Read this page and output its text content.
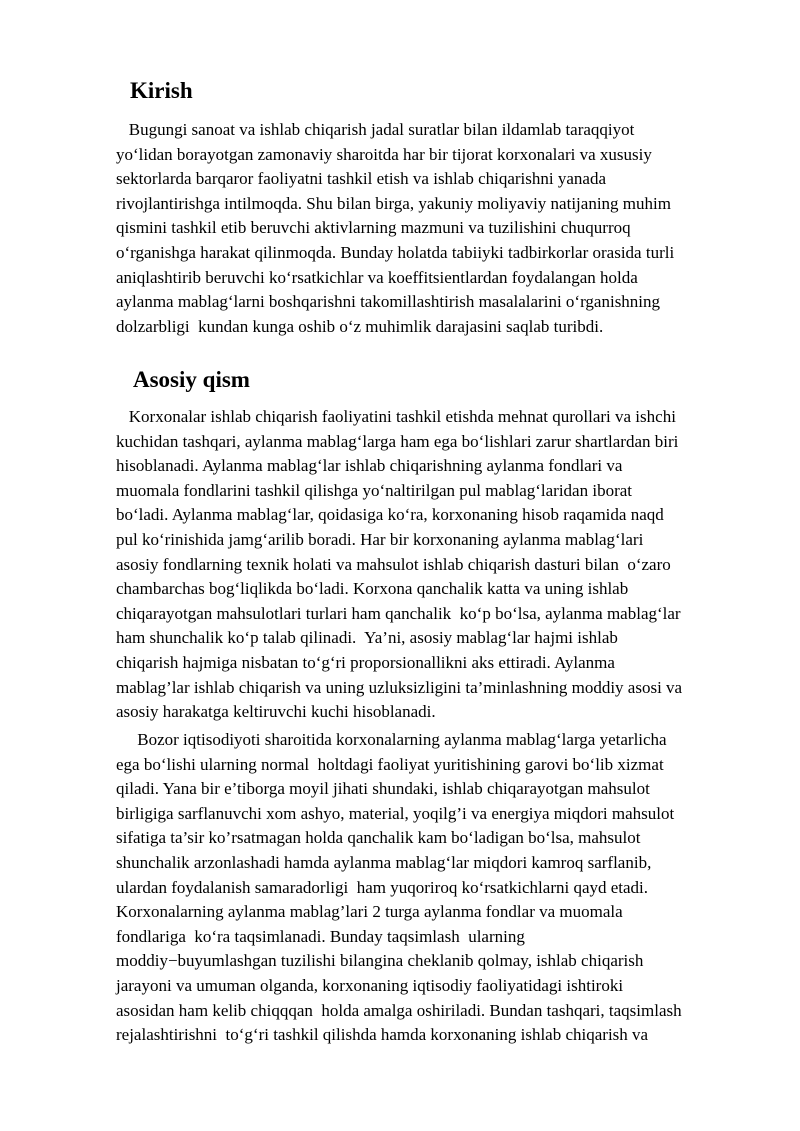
Kirish
Bugungi sanoat va ishlab chiqarish jadal suratlar bilan ildamlab taraqqiyot
yo‘lidan borayotgan zamonaviy sharoitda har bir tijorat korxonalari va xususiy
sektorlarda barqaror faoliyatni tashkil etish va ishlab chiqarishni yanada
rivojlantirishga intilmoqda. Shu bilan birga, yakuniy moliyaviy natijaning muhim
qismini tashkil etib beruvchi aktivlarning mazmuni va tuzilishini chuqurroq
o‘rganishga harakat qilinmoqda. Bunday holatda tabiiyki tadbirkorlar orasida turli
aniqlashtirib beruvchi ko‘rsatkichlar va koeffitsientlardan foydalangan holda
aylanma mablag‘larni boshqarishni takomillashtirish masalalarini o‘rganishning
dolzarbligi  kundan kunga oshib o‘z muhimlik darajasini saqlab turibdi.
Asosiy qism
Korxonalar ishlab chiqarish faoliyatini tashkil etishda mehnat qurollari va ishchi
kuchidan tashqari, aylanma mablag‘larga ham ega bo‘lishlari zarur shartlardan biri
hisoblanadi. Aylanma mablag‘lar ishlab chiqarishning aylanma fondlari va
muomala fondlarini tashkil qilishga yo‘naltirilgan pul mablag‘laridan iborat
bo‘ladi. Aylanma mablag‘lar, qoidasiga ko‘ra, korxonaning hisob raqamida naqd
pul ko‘rinishida jamg‘arilib boradi. Har bir korxonaning aylanma mablag‘lari
asosiy fondlarning texnik holati va mahsulot ishlab chiqarish dasturi bilan  o‘zaro
chambarchas bog‘liqlikda bo‘ladi. Korxona qanchalik katta va uning ishlab
chiqarayotgan mahsulotlari turlari ham qanchalik  ko‘p bo‘lsa, aylanma mablag‘lar
ham shunchalik ko‘p talab qilinadi.  Ya’ni, asosiy mablag‘lar hajmi ishlab
chiqarish hajmiga nisbatan to‘g‘ri proporsionallikni aks ettiradi. Aylanma
mablag’lar ishlab chiqarish va uning uzluksizligini ta’minlashning moddiy asosi va
asosiy harakatga keltiruvchi kuchi hisoblanadi.
Bozor iqtisodiyoti sharoitida korxonalarning aylanma mablag‘larga yetarlicha
ega bo‘lishi ularning normal  holtdagi faoliyat yuritishining garovi bo‘lib xizmat
qiladi. Yana bir e’tiborga moyil jihati shundaki, ishlab chiqarayotgan mahsulot
birligiga sarflanuvchi xom ashyo, material, yoqilg’i va energiya miqdori mahsulot
sifatiga ta’sir ko’rsatmagan holda qanchalik kam bo‘ladigan bo‘lsa, mahsulot
shunchalik arzonlashadi hamda aylanma mablag‘lar miqdori kamroq sarflanib,
ulardan foydalanish samaradorligi  ham yuqoriroq ko‘rsatkichlarni qayd etadi.
Korxonalarning aylanma mablag’lari 2 turga aylanma fondlar va muomala
fondlariga  ko‘ra taqsimlanadi. Bunday taqsimlash  ularning
moddiy−buyumlashgan tuzilishi bilangina cheklanib qolmay, ishlab chiqarish
jarayoni va umuman olganda, korxonaning iqtisodiy faoliyatidagi ishtiroki
asosidan ham kelib chiqqqan  holda amalga oshiriladi. Bundan tashqari, taqsimlash
rejalashtirishni  to‘g‘ri tashkil qilishda hamda korxonaning ishlab chiqarish va
